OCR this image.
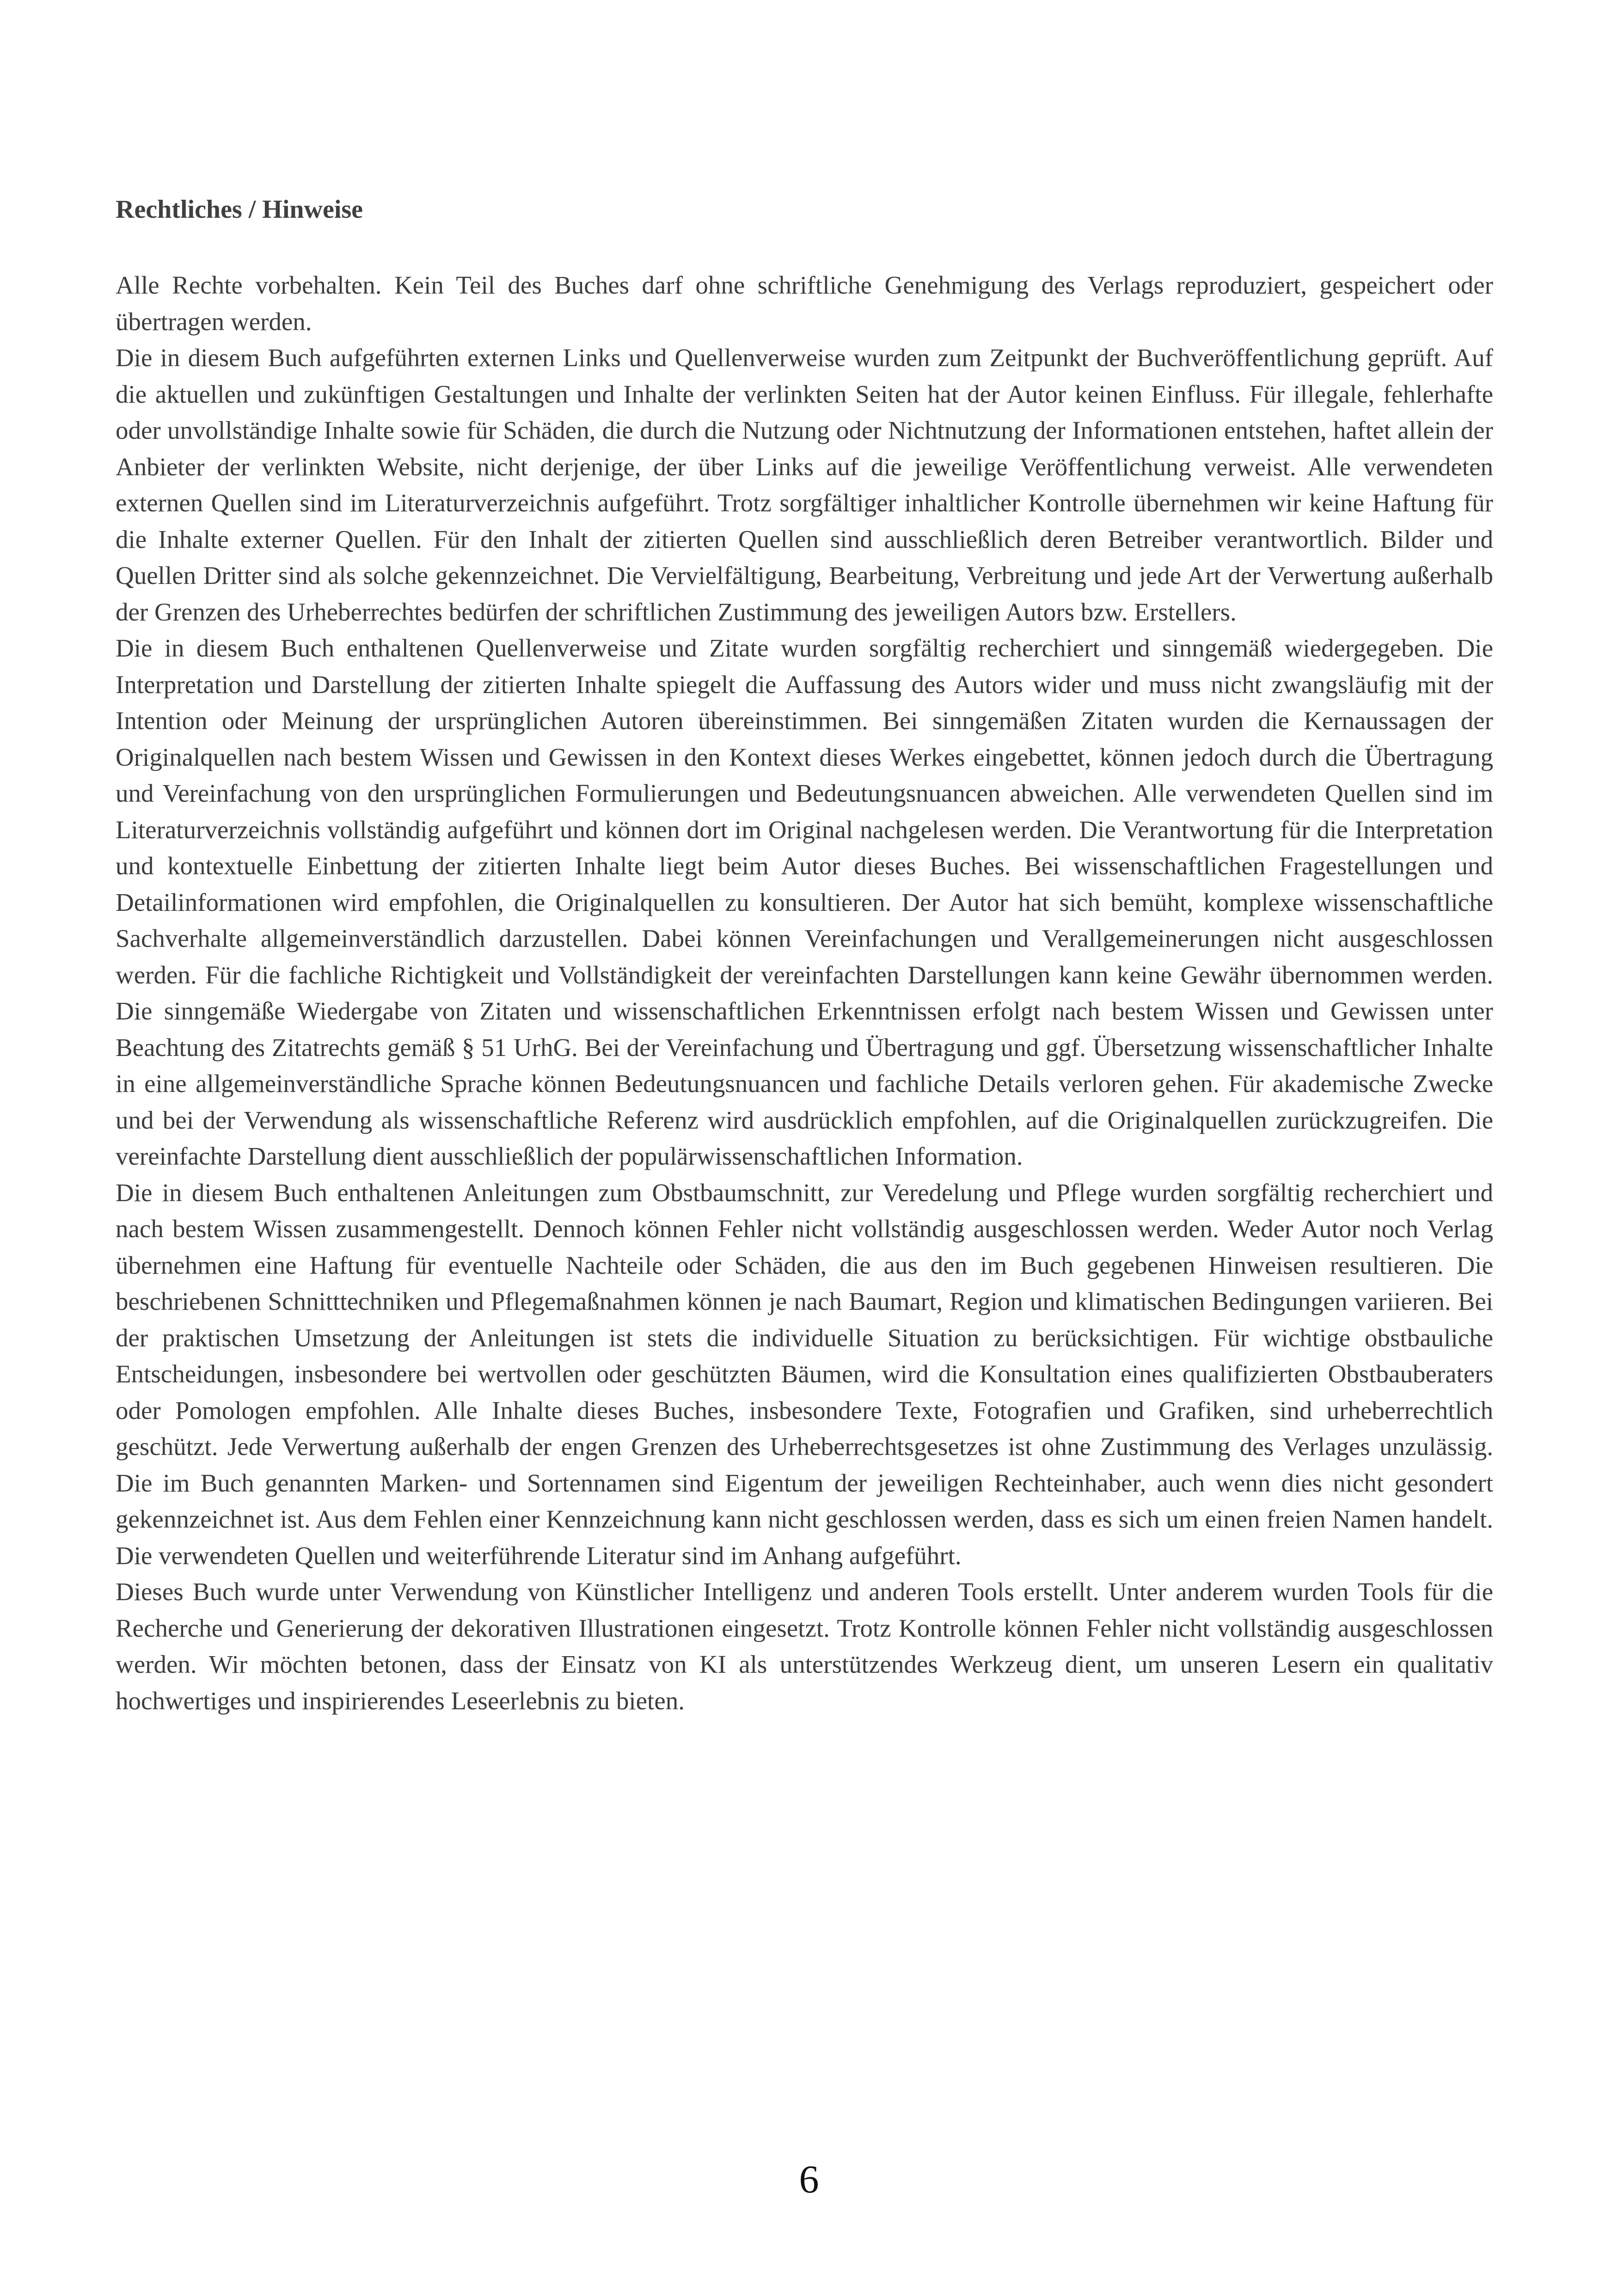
Rechtliches / Hinweise

Alle Rechte vorbehalten. Kein Teil des Buches darf ohne schriftliche Genehmigung des Verlags reproduziert, gespeichert oder übertragen werden.

Die in diesem Buch aufgeführten externen Links und Quellenverweise wurden zum Zeitpunkt der Buchveröffentlichung geprüft. Auf die aktuellen und zukünftigen Gestaltungen und Inhalte der verlinkten Seiten hat der Autor keinen Einfluss. Für illegale, fehlerhafte oder unvollständige Inhalte sowie für Schäden, die durch die Nutzung oder Nichtnutzung der Informationen entstehen, haftet allein der Anbieter der verlinkten Website, nicht derjenige, der über Links auf die jeweilige Veröffentlichung verweist. Alle verwendeten externen Quellen sind im Literaturverzeichnis aufgeführt. Trotz sorgfältiger inhaltlicher Kontrolle übernehmen wir keine Haftung für die Inhalte externer Quellen. Für den Inhalt der zitierten Quellen sind ausschließlich deren Betreiber verantwortlich. Bilder und Quellen Dritter sind als solche gekennzeichnet. Die Vervielfältigung, Bearbeitung, Verbreitung und jede Art der Verwertung außerhalb der Grenzen des Urheberrechtes bedürfen der schriftlichen Zustimmung des jeweiligen Autors bzw. Erstellers.

Die in diesem Buch enthaltenen Quellenverweise und Zitate wurden sorgfältig recherchiert und sinngemäß wiedergegeben. Die Interpretation und Darstellung der zitierten Inhalte spiegelt die Auffassung des Autors wider und muss nicht zwangsläufig mit der Intention oder Meinung der ursprünglichen Autoren übereinstimmen. Bei sinngemäßen Zitaten wurden die Kernaussagen der Originalquellen nach bestem Wissen und Gewissen in den Kontext dieses Werkes eingebettet, können jedoch durch die Übertragung und Vereinfachung von den ursprünglichen Formulierungen und Bedeutungsnuancen abweichen. Alle verwendeten Quellen sind im Literaturverzeichnis vollständig aufgeführt und können dort im Original nachgelesen werden. Die Verantwortung für die Interpretation und kontextuelle Einbettung der zitierten Inhalte liegt beim Autor dieses Buches. Bei wissenschaftlichen Fragestellungen und Detailinformationen wird empfohlen, die Originalquellen zu konsultieren. Der Autor hat sich bemüht, komplexe wissenschaftliche Sachverhalte allgemeinverständlich darzustellen. Dabei können Vereinfachungen und Verallgemeinerungen nicht ausgeschlossen werden. Für die fachliche Richtigkeit und Vollständigkeit der vereinfachten Darstellungen kann keine Gewähr übernommen werden. Die sinngemäße Wiedergabe von Zitaten und wissenschaftlichen Erkenntnissen erfolgt nach bestem Wissen und Gewissen unter Beachtung des Zitatrechts gemäß § 51 UrhG. Bei der Vereinfachung und Übertragung und ggf. Übersetzung wissenschaftlicher Inhalte in eine allgemeinverständliche Sprache können Bedeutungsnuancen und fachliche Details verloren gehen. Für akademische Zwecke und bei der Verwendung als wissenschaftliche Referenz wird ausdrücklich empfohlen, auf die Originalquellen zurückzugreifen. Die vereinfachte Darstellung dient ausschließlich der populärwissenschaftlichen Information.

Die in diesem Buch enthaltenen Anleitungen zum Obstbaumschnitt, zur Veredelung und Pflege wurden sorgfältig recherchiert und nach bestem Wissen zusammengestellt. Dennoch können Fehler nicht vollständig ausgeschlossen werden. Weder Autor noch Verlag übernehmen eine Haftung für eventuelle Nachteile oder Schäden, die aus den im Buch gegebenen Hinweisen resultieren. Die beschriebenen Schnitttechniken und Pflegemaßnahmen können je nach Baumart, Region und klimatischen Bedingungen variieren. Bei der praktischen Umsetzung der Anleitungen ist stets die individuelle Situation zu berücksichtigen. Für wichtige obstbauliche Entscheidungen, insbesondere bei wertvollen oder geschützten Bäumen, wird die Konsultation eines qualifizierten Obstbauberaters oder Pomologen empfohlen. Alle Inhalte dieses Buches, insbesondere Texte, Fotografien und Grafiken, sind urheberrechtlich geschützt. Jede Verwertung außerhalb der engen Grenzen des Urheberrechtsgesetzes ist ohne Zustimmung des Verlages unzulässig. Die im Buch genannten Marken- und Sortennamen sind Eigentum der jeweiligen Rechteinhaber, auch wenn dies nicht gesondert gekennzeichnet ist. Aus dem Fehlen einer Kennzeichnung kann nicht geschlossen werden, dass es sich um einen freien Namen handelt. Die verwendeten Quellen und weiterführende Literatur sind im Anhang aufgeführt.

Dieses Buch wurde unter Verwendung von Künstlicher Intelligenz und anderen Tools erstellt. Unter anderem wurden Tools für die Recherche und Generierung der dekorativen Illustrationen eingesetzt. Trotz Kontrolle können Fehler nicht vollständig ausgeschlossen werden. Wir möchten betonen, dass der Einsatz von KI als unterstützendes Werkzeug dient, um unseren Lesern ein qualitativ hochwertiges und inspirierendes Leseerlebnis zu bieten.

6
